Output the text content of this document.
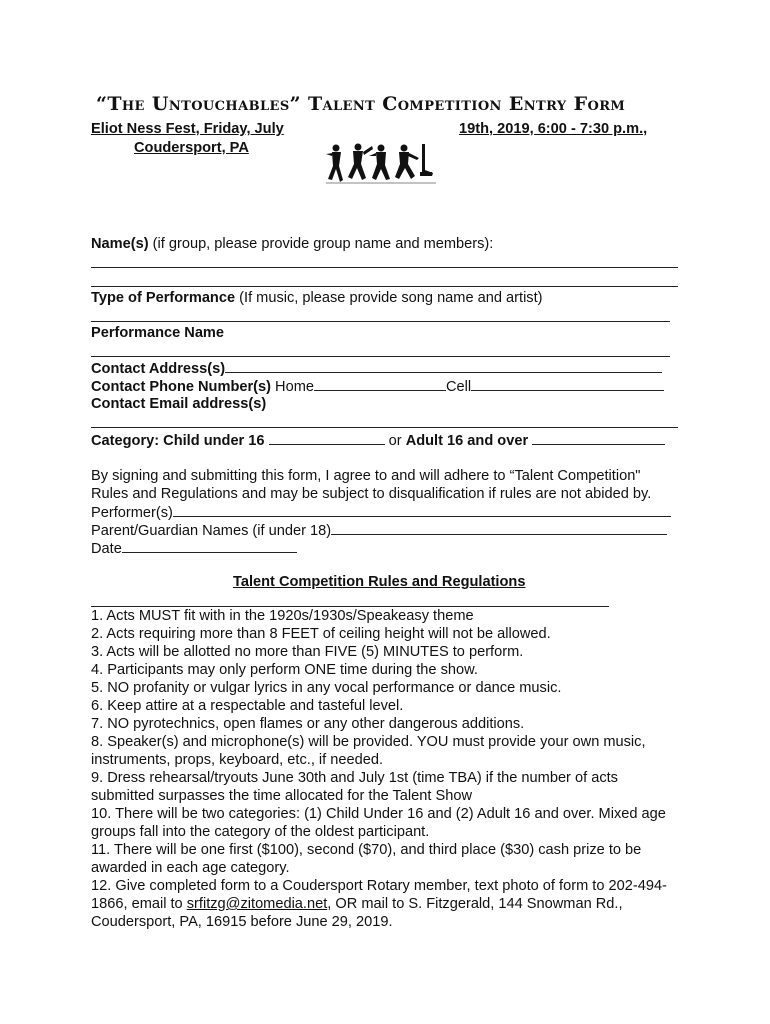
“The Untouchables” Talent Competition Entry Form
Eliot Ness Fest, Friday, July	19th, 2019, 6:00 - 7:30 p.m.,
Coudersport, PA
Name(s) (if group, please provide group name and members):
Type of Performance (If music, please provide song name and artist)
Performance Name
Contact Address(s)
Contact Phone Number(s) Home	Cell
Contact Email address(s)
Category: Child under 16	or Adult 16 and over
By signing and submitting this form, I agree to and will adhere to “Talent Competition" Rules and Regulations and may be subject to disqualification if rules are not abided by.
Performer(s)
Parent/Guardian Names (if under 18)
Date
Talent Competition Rules and Regulations
1. Acts MUST fit with in the 1920s/1930s/Speakeasy theme
2. Acts requiring more than 8 FEET of ceiling height will not be allowed.
3. Acts will be allotted no more than FIVE (5) MINUTES to perform.
4. Participants may only perform ONE time during the show.
5. NO profanity or vulgar lyrics in any vocal performance or dance music.
6. Keep attire at a respectable and tasteful level.
7. NO pyrotechnics, open flames or any other dangerous additions.
8. Speaker(s) and microphone(s) will be provided. YOU must provide your own music, instruments, props, keyboard, etc., if needed.
9. Dress rehearsal/tryouts June 30th and July 1st (time TBA) if the number of acts submitted surpasses the time allocated for the Talent Show
10. There will be two categories: (1) Child Under 16 and (2) Adult 16 and over. Mixed age groups fall into the category of the oldest participant.
11. There will be one first ($100), second ($70), and third place ($30) cash prize to be awarded in each age category.
12. Give completed form to a Coudersport Rotary member, text photo of form to 202-494-1866, email to srfitzg@zitomedia.net, OR mail to S. Fitzgerald, 144 Snowman Rd., Coudersport, PA, 16915 before June 29, 2019.
